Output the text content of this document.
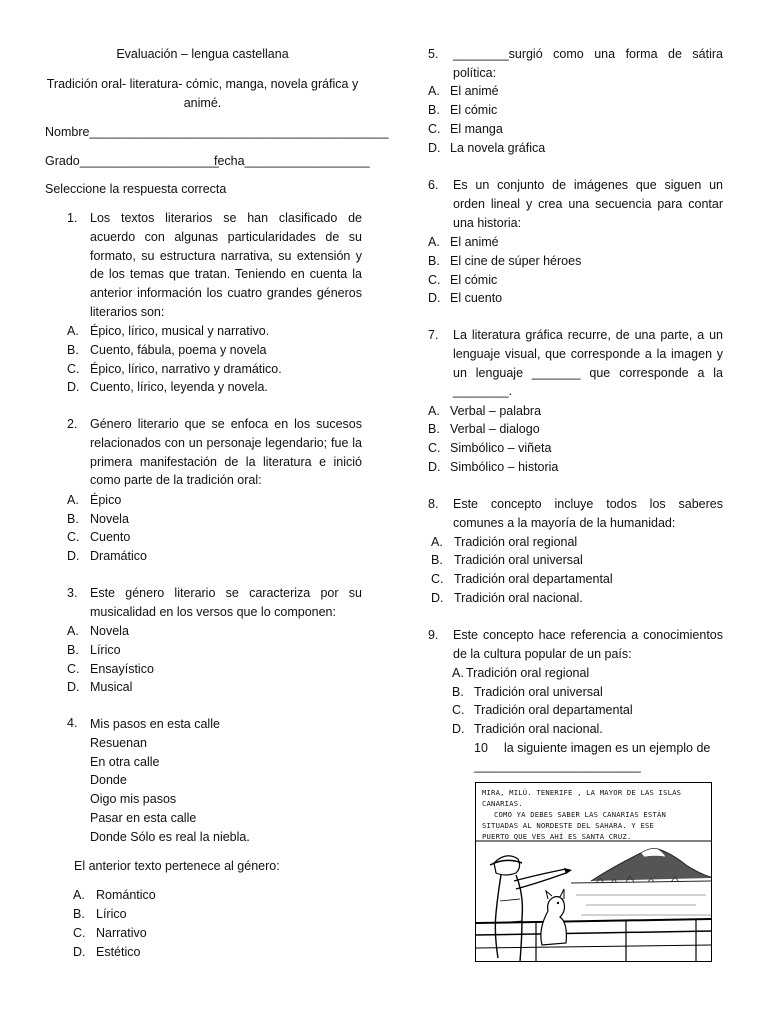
Evaluación – lengua castellana
Tradición oral- literatura- cómic, manga, novela gráfica y
animé.
Nombre___________________________________________
Grado____________________
fecha__________________
Seleccione la respuesta correcta
1. Los textos literarios se han clasificado de acuerdo con algunas particularidades de su formato, su estructura narrativa, su extensión y de los temas que tratan. Teniendo en cuenta la anterior información los cuatro grandes géneros literarios son:
A. Épico, lírico, musical y narrativo.
B. Cuento, fábula, poema y novela
C. Épico, lírico, narrativo y dramático.
D. Cuento, lírico, leyenda y novela.
2. Género literario que se enfoca en los sucesos relacionados con un personaje legendario; fue la primera manifestación de la literatura e inició como parte de la tradición oral:
A. Épico
B. Novela
C. Cuento
D. Dramático
3. Este género literario se caracteriza por su musicalidad en los versos que lo componen:
A. Novela
B. Lírico
C. Ensayístico
D. Musical
4. Mis pasos en esta calle
Resuenan
En otra calle
Donde
Oigo mis pasos
Pasar en esta calle
Donde Sólo es real la niebla.
El anterior texto pertenece al género:
A. Romántico
B. Lírico
C. Narrativo
D. Estético
5. ________surgió como una forma de sátira política:
A. El animé
B. El cómic
C. El manga
D. La novela gráfica
6. Es un conjunto de imágenes que siguen un orden lineal y crea una secuencia para contar una historia:
A. El animé
B. El cine de súper héroes
C. El cómic
D. El cuento
7. La literatura gráfica recurre, de una parte, a un lenguaje visual, que corresponde a la imagen y un lenguaje _______ que corresponde a la ________.
A. Verbal – palabra
B. Verbal – dialogo
C. Simbólico – viñeta
D. Simbólico – historia
8. Este concepto incluye todos los saberes comunes a la mayoría de la humanidad:
A. Tradición oral regional
B. Tradición oral universal
C. Tradición oral departamental
D. Tradición oral nacional.
9. Este concepto hace referencia a conocimientos de la cultura popular de un país:
A. Tradición oral regional
B. Tradición oral universal
C. Tradición oral departamental
D. Tradición oral nacional.
10 la siguiente imagen es un ejemplo de
________________________
MIRA, MILÚ. TENERIFE , LA MAYOR DE LAS ISLAS
CANARIAS.
COMO YA DEBES SABER LAS CANARIAS ESTÁN
SITUADAS AL NORDESTE DEL SAHARA. Y ESE
PUERTO QUE VES AHÍ ES SANTA CRUZ.
